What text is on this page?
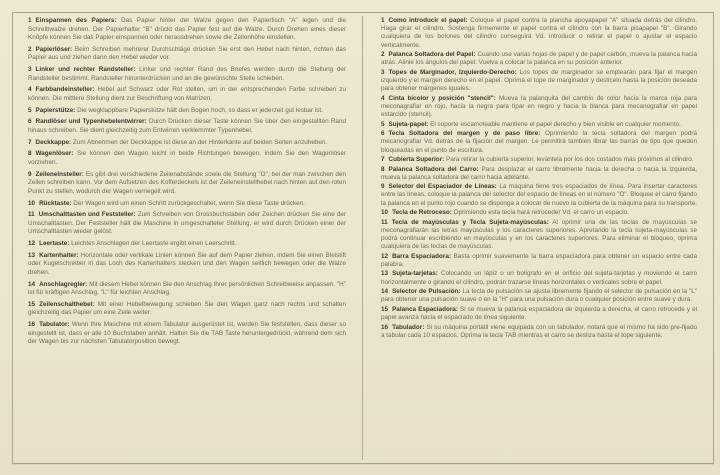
1 Einspannen des Papiers: Das Papier hinter der Walze gegen den Papiertisch "A" legen und die Schreibwalze drehen. Der Papierhalter "B" drückt das Papier fest auf die Walze. Durch Drehen eines dieser Knöpfe können Sie das Papier einspannen oder herausdrehen sowie die Zeilenhöhe einstellen.

2 Papierlöser: Beim Schreiben mehrerer Durchschläge drücken Sie erst den Hebel nach hinten, richten das Papier aus und ziehen dann den Hebel wieder vor.

3 Linker und rechter Randsteller: Linker und rechter Rand des Briefes werden durch die Stellung der Randsteller bestimmt. Randsteller hinunterdrücken und an die gewünschte Stelle schieben.

4 Farbbandeinsteller: Hebel auf Schwarz oder Rot stellen, um in der entsprechenden Farbe schreiben zu können. Die mittlere Stellung dient zur Beschriftung von Matrizen.

5 Papierstütze: Die wegklappbare Papierstütze hält den Bogen hoch, so dass er jederzeit gut lesbar ist.

6 Randlöser und Typenhebelentwirrer: Durch Drücken dieser Taste können Sie über den eingestellten Rand hinaus schreiben. Sie dient gleichzeitig zum Entwirren verklemmter Typenhebel.

7 Deckkappe: Zum Abnehmen der Deckkappe ist diese an der Hinterkante auf beiden Seiten anzuheben.

8 Wagenlöser: Sie können den Wagen leicht in beide Richtungen bewegen, indem Sie den Wagenlöser vorziehen.

9 Zeileneinsteller: Es gibt drei verschiedene Zeilenabstände sowie die Stellung "O", bei der man zwischen den Zeilen schreiben kann. Vor dem Aufsetzen des Kofferdeckels ist der Zeileneinstellhebel nach hinten auf den roten Punkt zu stellen, wodurch der Wagen verriegelt wird.

10 Rücktaste: Der Wagen wird um einen Schritt zurückgeschaltet, wenn Sie diese Taste drücken.

11 Umschalttasten und Feststeller: Zum Schreiben von Grossbuchstaben oder Zeichen drücken Sie eine der Umschalttasten. Der Feststeller hält die Maschine in umgeschalteter Stellung, er wird durch Drücken einer der Umschalttasten wieder gelöst.

12 Leertaste: Leichtes Anschlagen der Leertaste ergibt einen Leerschritt.

13 Kartenhalter: Horizontale oder vertikale Linien können Sie auf dem Papier ziehen, indem Sie einen Bleistift oder Kugelschreiber in das Loch des Kartenhalters stecken und den Wagen seitlich bewegen oder die Walze drehen.

14 Anschlagregler: Mit diesem Hebel können Sie den Anschlag Ihrer persönlichen Schreibweise anpassen. "H" ist für kräftigen Anschlag, "L" für leichten Anschlag.

15 Zeilenschalthebel: Mit einer Hebelbewegung schieben Sie den Wagen ganz nach rechts und schalten gleichzeitig das Papier um eine Zeile weiter.

16 Tabulator: Wenn Ihre Maschine mit einem Tabulator ausgerüstet ist, werden Sie feststellen, dass dieser so eingestellt ist, dass er alle 10 Buchstaben anhält. Halten Sie die TAB Taste heruntergedrückt, während dem sich der Wagen bis zur nächsten Tabulatorposition bewegt.

1 Como introducir el papel: Coloque el papel contra la plancha apoyapapel "A" situada detrás del cilindro. Haga girar el cilindro. Sostenga firmemente el papel contra el cilindro con la barra pisapapel "B". Girando cualquiera de los botones del cilindro conseguirá Vd. introducir o retirar el papel o ajustar el espacio verticalmente.

2 Palanca Soltadora del Papel: Cuando use varias hojas de papel y de papel carbón, mueva la palanca hacia atrás. Alinie los ángulos del papel. Vuelva a colocar la palanca en su posición anterior.

3 Topes de Marginador, Izquierdo-Derecho: Los topes de marginador se emplearán para fijar el margen izquierdo y el margen derecho en el papel. Oprima el tope de marginador y deslícelo hasta la posición deseada para obtener márgenes iguales.

4 Cinta bicolor y posición "stencil": Mueva la palanquita del cambio de color hacia la marca roja para meconagrafiar en rojo, hacia la negra para tipar en negro y hacia la blanca para mecanografiar en papel estarcido (stencil).

5 Sujeta-papel: El soporte escamoteable mantiene el papel derecho y bien visible en cualquier momento.

6 Tecla Soltadora del margen y de paso libre: Oprimiendo la tecla soltadora del margen podrá mecanografiar Vd. detrás de la fijación del margen. Le permitirá también librar las barras de tipo que queden bloqueadas en el punto de escritura.

7 Cubierta Superior: Para retirar la cubierta superior, levántela por los dos costados más próximos al cilindro.

8 Palanca Soltadora del Carro: Para desplazar el carro libremente hacia la derecha o hacia la izquierda, mueva la palanca soltadora del carro hacia adelante.

9 Selector del Espaciador de Líneas: La máquina tiene tres espaciados de línea. Para insertar caracteres entre las líneas, coloque la palanca del selector del espacio de líneas en el número "O". Bloquee el carro fijando la palanca en el punto rojo cuando se disponga a colocar de nuevo la cubierta de la máquina para su transporte.

10 Tecla de Retroceso: Oprimiendo esta tecla hará retroceder Vd. el carro un espacio.

11 Tecla de mayúsculas y Tecla Sujeta-mayúsculas: Al oprimir una de las teclas de mayúsculas se meconagrafiarán las letras mayúsculas y los caracteres superiores. Apretando la tecla sujeta-mayúsculas se podrá continuar escribiendo en mayúsculas y en los caracteres superiores. Para eliminar el bloqueo, oprima cualquiera de las teclas de mayúsculas.

12 Barra Espaciadora: Basta oprimir suavemente la barra espaciadora para obtener un espacio entre cada palabra.

13 Sujeta-tarjetas: Colocando un lápiz o un bolígrafo en el orificio del sujeta-tarjetas y moviendo el carro horizontalmente o girando el cilindro, podrán trazarse líneas horizontales o verticales sobre el papel.

14 Selector de Pulsación: La tecla de pulsación se ajusta libremente fijando el selector de pulsación en la "L" para obtener una pulsación suave o en la "H" para una pulsación dura o cualquier posición entre suave y dura.

15 Palanca Espaciadora: Si se mueva la palanca espaciadora de izquierda a derecha, el carro retrocede y el papel avanza hacia el espaciado de línea siguiente.

16 Tabulador: Si su máquina portátil viene equipada con un tabulador, notará que el mismo ha sido pre-fijado a tabular cada 10 espacios. Oprima la tecla TAB mientras el carro se desliza hasta el tope siguiente.
